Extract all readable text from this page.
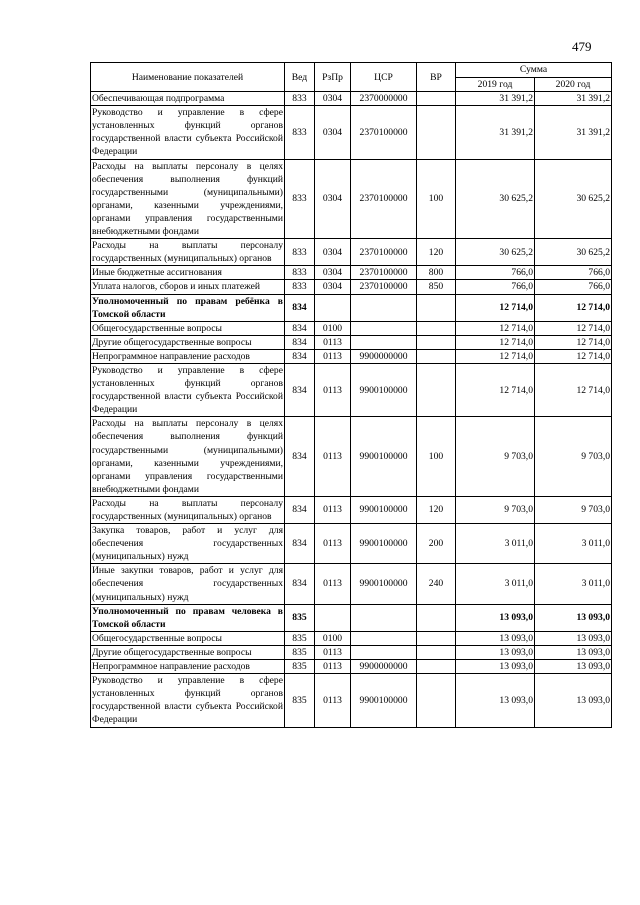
479
Наименование показателей	Вед	РзПр	ЦСР	ВР	Сумма	
					2019 год	2020 год
Обеспечивающая подпрограмма	833	0304	2370000000		31 391,2	31 391,2
Руководство и управление в сфере установленных функций органов государственной власти субъекта Российской Федерации	833	0304	2370100000		31 391,2	31 391,2
Расходы на выплаты персоналу в целях обеспечения выполнения функций государственными (муниципальными) органами, казенными учреждениями, органами управления государственными внебюджетными фондами	833	0304	2370100000	100	30 625,2	30 625,2
Расходы на выплаты персоналу государственных (муниципальных) органов	833	0304	2370100000	120	30 625,2	30 625,2
Иные бюджетные ассигнования	833	0304	2370100000	800	766,0	766,0
Уплата налогов, сборов и иных платежей	833	0304	2370100000	850	766,0	766,0
Уполномоченный по правам ребёнка в Томской области	834				12 714,0	12 714,0
Общегосударственные вопросы	834	0100			12 714,0	12 714,0
Другие общегосударственные вопросы	834	0113			12 714,0	12 714,0
Непрограммное направление расходов	834	0113	9900000000		12 714,0	12 714,0
Руководство и управление в сфере установленных функций органов государственной власти субъекта Российской Федерации	834	0113	9900100000		12 714,0	12 714,0
Расходы на выплаты персоналу в целях обеспечения выполнения функций государственными (муниципальными) органами, казенными учреждениями, органами управления государственными внебюджетными фондами	834	0113	9900100000	100	9 703,0	9 703,0
Расходы на выплаты персоналу государственных (муниципальных) органов	834	0113	9900100000	120	9 703,0	9 703,0
Закупка товаров, работ и услуг для обеспечения государственных (муниципальных) нужд	834	0113	9900100000	200	3 011,0	3 011,0
Иные закупки товаров, работ и услуг для обеспечения государственных (муниципальных) нужд	834	0113	9900100000	240	3 011,0	3 011,0
Уполномоченный по правам человека в Томской области	835				13 093,0	13 093,0
Общегосударственные вопросы	835	0100			13 093,0	13 093,0
Другие общегосударственные вопросы	835	0113			13 093,0	13 093,0
Непрограммное направление расходов	835	0113	9900000000		13 093,0	13 093,0
Руководство и управление в сфере установленных функций органов государственной власти субъекта Российской Федерации	835	0113	9900100000		13 093,0	13 093,0
